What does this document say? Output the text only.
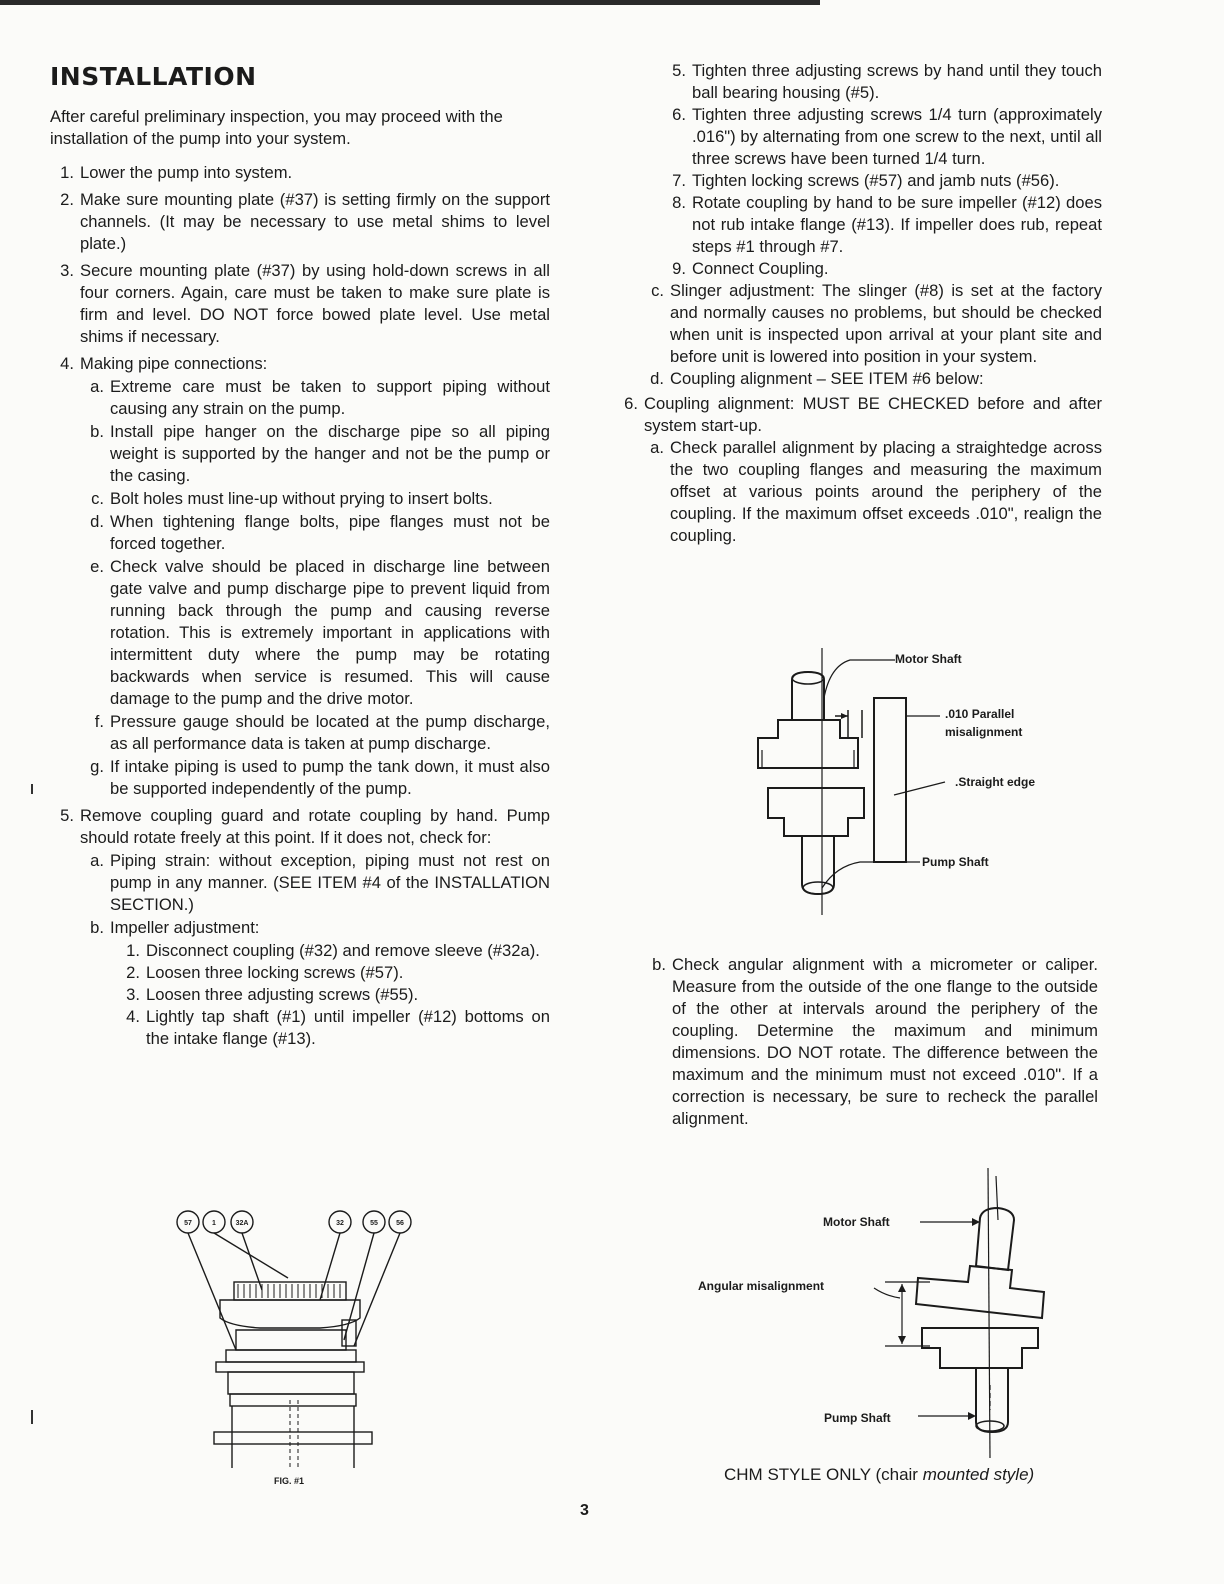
INSTALLATION

After careful preliminary inspection, you may proceed with the installation of the pump into your system.

1. Lower the pump into system.
2. Make sure mounting plate (#37) is setting firmly on the support channels. (It may be necessary to use metal shims to level plate.)
3. Secure mounting plate (#37) by using hold-down screws in all four corners. Again, care must be taken to make sure plate is firm and level. DO NOT force bowed plate level. Use metal shims if necessary.
4. Making pipe connections:
a. Extreme care must be taken to support piping without causing any strain on the pump.
b. Install pipe hanger on the discharge pipe so all piping weight is supported by the hanger and not be the pump or the casing.
c. Bolt holes must line-up without prying to insert bolts.
d. When tightening flange bolts, pipe flanges must not be forced together.
e. Check valve should be placed in discharge line between gate valve and pump discharge pipe to prevent liquid from running back through the pump and causing reverse rotation. This is extremely important in applications with intermittent duty where the pump may be rotating backwards when service is resumed. This will cause damage to the pump and the drive motor.
f. Pressure gauge should be located at the pump discharge, as all performance data is taken at pump discharge.
g. If intake piping is used to pump the tank down, it must also be supported independently of the pump.
5. Remove coupling guard and rotate coupling by hand. Pump should rotate freely at this point. If it does not, check for:
a. Piping strain: without exception, piping must not rest on pump in any manner. (SEE ITEM #4 of the INSTALLATION SECTION.)
b. Impeller adjustment:
1. Disconnect coupling (#32) and remove sleeve (#32a).
2. Loosen three locking screws (#57).
3. Loosen three adjusting screws (#55).
4. Lightly tap shaft (#1) until impeller (#12) bottoms on the intake flange (#13).
5. Tighten three adjusting screws by hand until they touch ball bearing housing (#5).
6. Tighten three adjusting screws 1/4 turn (approximately .016") by alternating from one screw to the next, until all three screws have been turned 1/4 turn.
7. Tighten locking screws (#57) and jamb nuts (#56).
8. Rotate coupling by hand to be sure impeller (#12) does not rub intake flange (#13). If impeller does rub, repeat steps #1 through #7.
9. Connect Coupling.
c. Slinger adjustment: The slinger (#8) is set at the factory and normally causes no problems, but should be checked when unit is inspected upon arrival at your plant site and before unit is lowered into position in your system.
d. Coupling alignment – SEE ITEM #6 below:
6. Coupling alignment: MUST BE CHECKED before and after system start-up.
a. Check parallel alignment by placing a straightedge across the two coupling flanges and measuring the maximum offset at various points around the periphery of the coupling. If the maximum offset exceeds .010", realign the coupling.
b. Check angular alignment with a micrometer or caliper. Measure from the outside of the one flange to the outside of the other at intervals around the periphery of the coupling. Determine the maximum and minimum dimensions. DO NOT rotate. The difference between the maximum and the minimum must not exceed .010". If a correction is necessary, be sure to recheck the parallel alignment.
Motor Shaft
.010 Parallel
misalignment
.Straight edge
Pump Shaft
57	1	32A	32	55	56
FIG. #1
Motor Shaft
Angular misalignment
Pump Shaft
CHM STYLE ONLY (chair mounted style)
3
